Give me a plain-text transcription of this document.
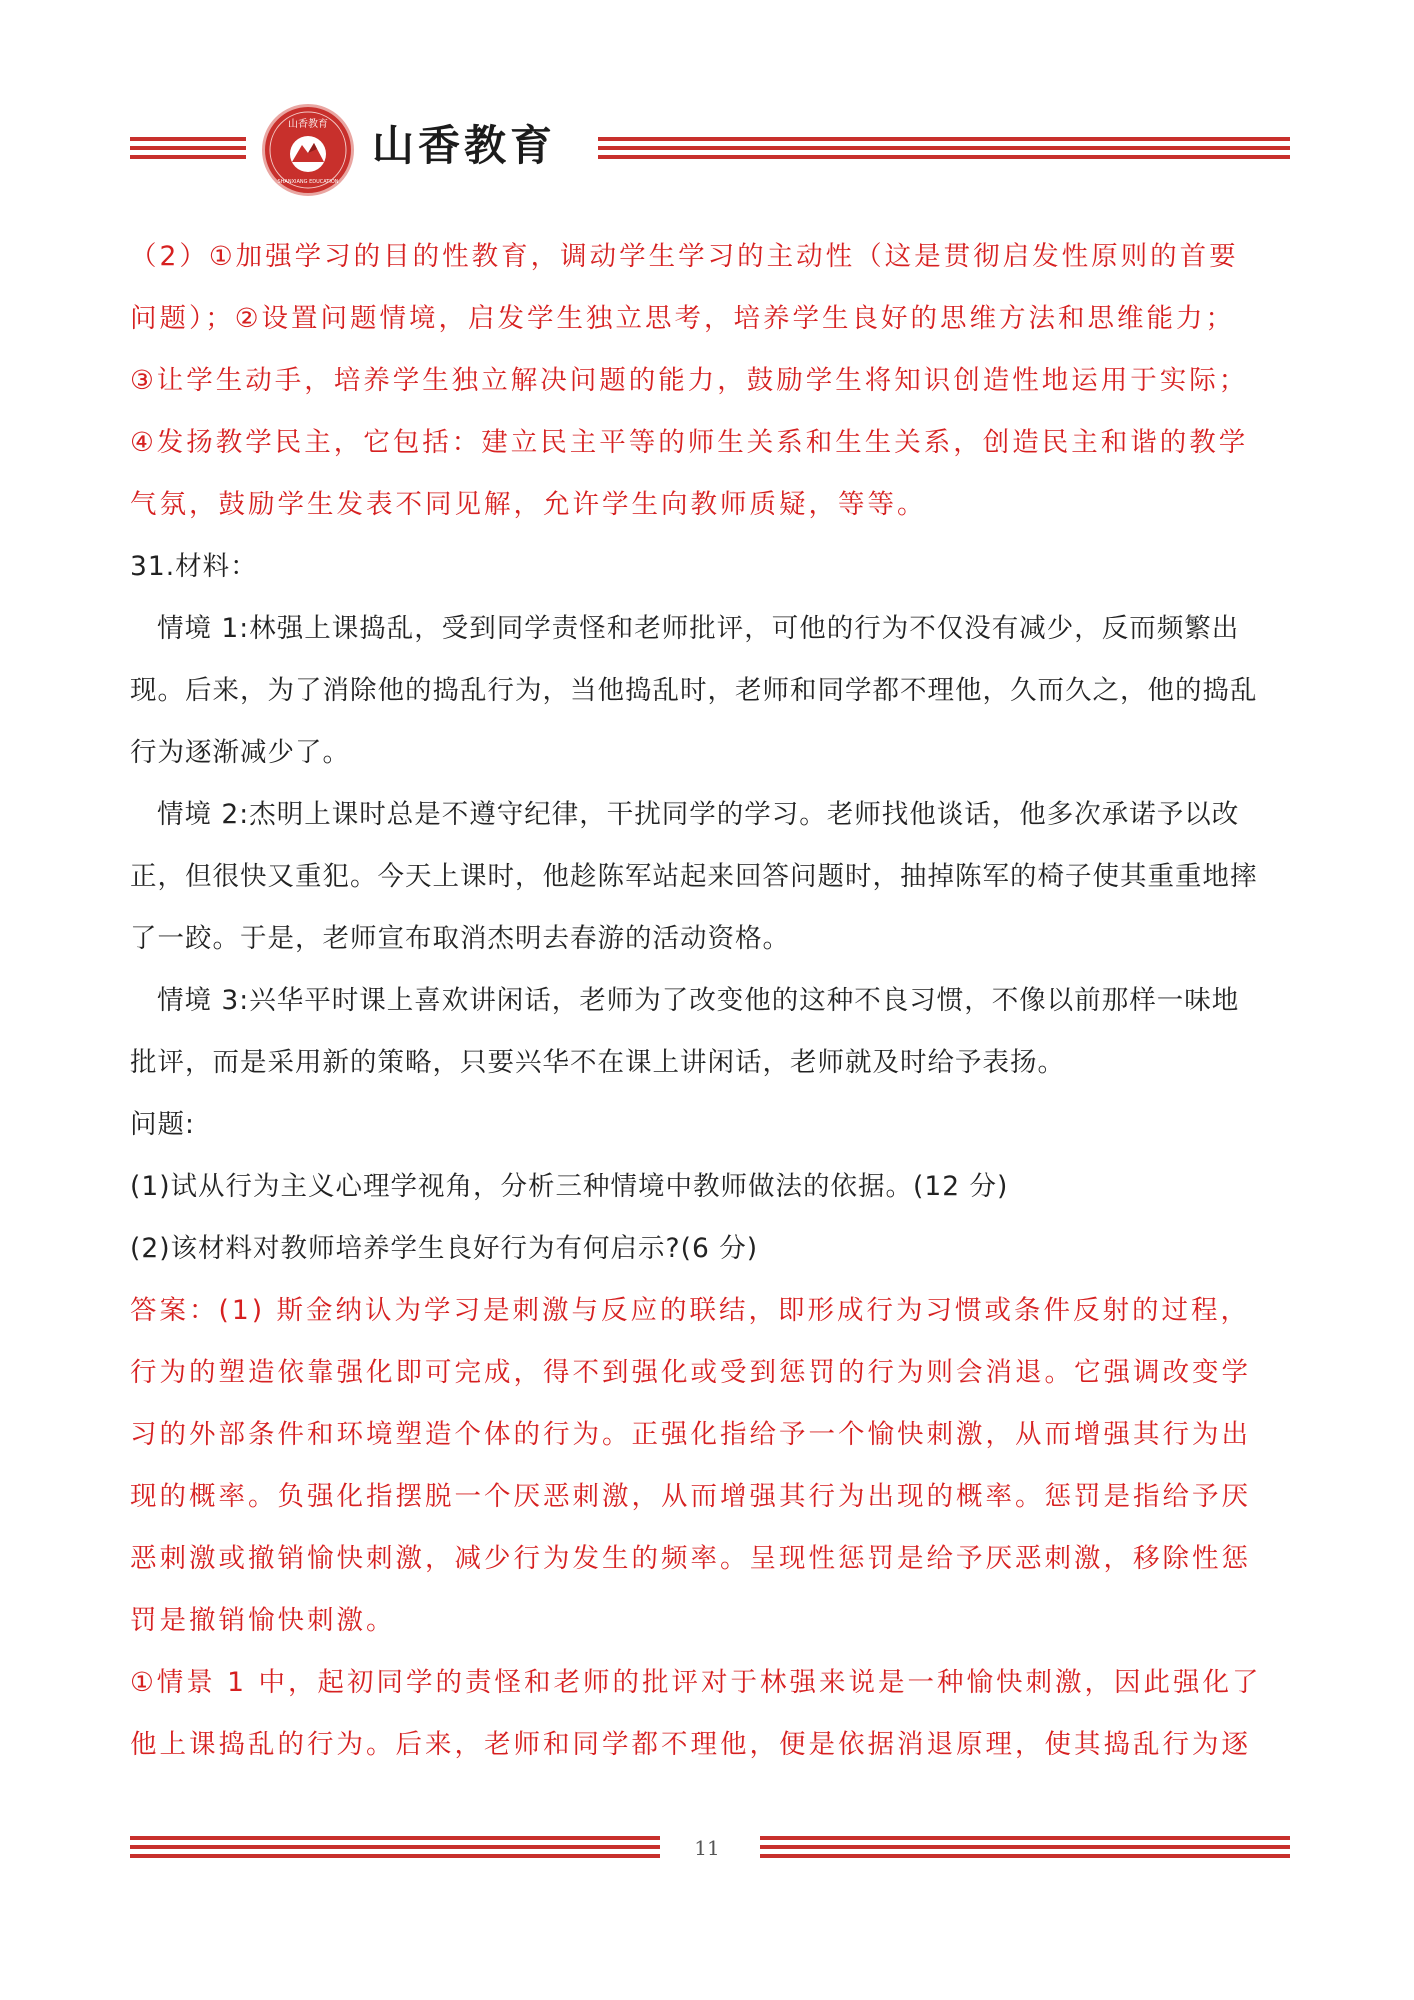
山香教育
SHANXIANG EDUCATION
山香教育

（2）①加强学习的目的性教育，调动学生学习的主动性（这是贯彻启发性原则的首要

问题）；②设置问题情境，启发学生独立思考，培养学生良好的思维方法和思维能力；

③让学生动手，培养学生独立解决问题的能力，鼓励学生将知识创造性地运用于实际；

④发扬教学民主，它包括：建立民主平等的师生关系和生生关系，创造民主和谐的教学

气氛，鼓励学生发表不同见解，允许学生向教师质疑，等等。

31.材料：

情境 1:林强上课捣乱，受到同学责怪和老师批评，可他的行为不仅没有减少，反而频繁出

现。后来，为了消除他的捣乱行为，当他捣乱时，老师和同学都不理他，久而久之，他的捣乱

行为逐渐减少了。

情境 2:杰明上课时总是不遵守纪律，干扰同学的学习。老师找他谈话，他多次承诺予以改

正，但很快又重犯。今天上课时，他趁陈军站起来回答问题时，抽掉陈军的椅子使其重重地摔

了一跤。于是，老师宣布取消杰明去春游的活动资格。

情境 3:兴华平时课上喜欢讲闲话，老师为了改变他的这种不良习惯，不像以前那样一味地

批评，而是采用新的策略，只要兴华不在课上讲闲话，老师就及时给予表扬。

问题:

(1)试从行为主义心理学视角，分析三种情境中教师做法的依据。(12 分)

(2)该材料对教师培养学生良好行为有何启示?(6 分)

答案：(1) 斯金纳认为学习是刺激与反应的联结，即形成行为习惯或条件反射的过程，

行为的塑造依靠强化即可完成，得不到强化或受到惩罚的行为则会消退。它强调改变学

习的外部条件和环境塑造个体的行为。正强化指给予一个愉快刺激，从而增强其行为出

现的概率。负强化指摆脱一个厌恶刺激，从而增强其行为出现的概率。惩罚是指给予厌

恶刺激或撤销愉快刺激，减少行为发生的频率。呈现性惩罚是给予厌恶刺激，移除性惩

罚是撤销愉快刺激。

①情景 1 中，起初同学的责怪和老师的批评对于林强来说是一种愉快刺激，因此强化了

他上课捣乱的行为。后来，老师和同学都不理他，便是依据消退原理，使其捣乱行为逐

11
